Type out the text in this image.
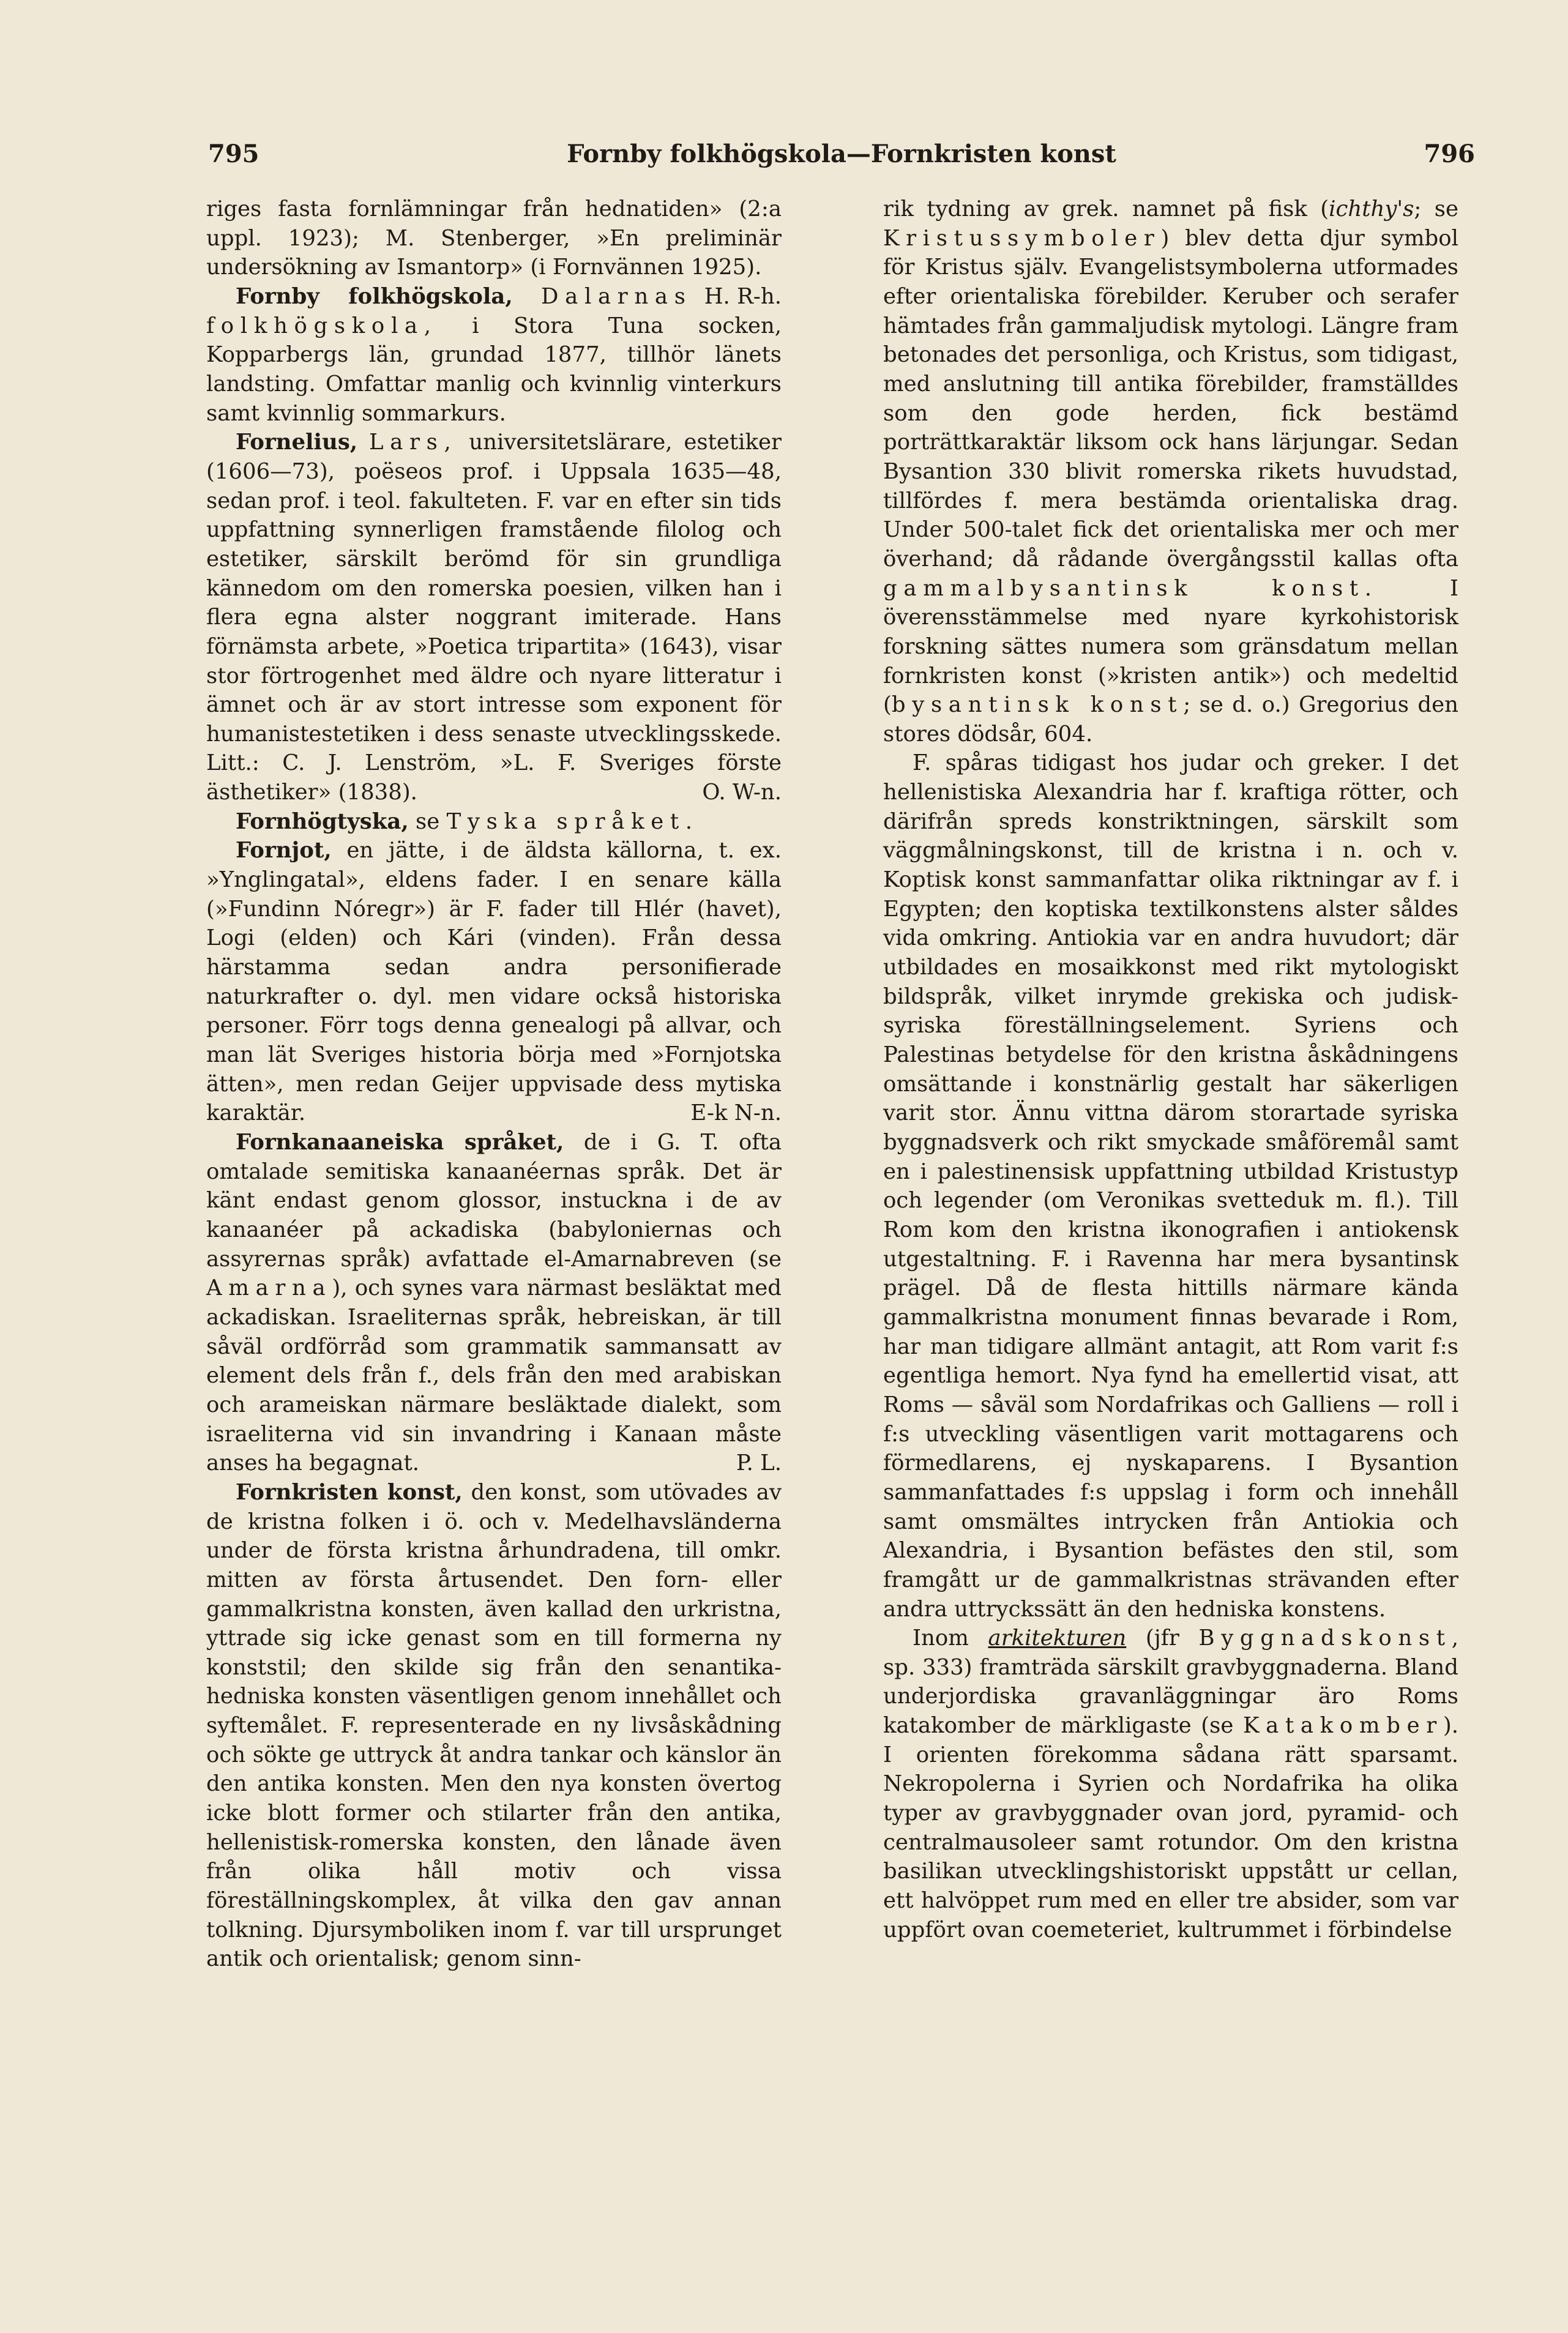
795	Fornby folkhögskola—Fornkristen konst	796

riges fasta fornlämningar från hednatiden» (2:a uppl. 1923); M. Stenberger, »En preliminär undersökning av Ismantorp» (i Fornvännen 1925).
H. R-h.

Fornby folkhögskola, Dalarnas folkhögskola, i Stora Tuna socken, Kopparbergs län, grundad 1877, tillhör länets landsting. Omfattar manlig och kvinnlig vinterkurs samt kvinnlig sommarkurs.

Fornelius, Lars, universitetslärare, estetiker (1606—73), poëseos prof. i Uppsala 1635—48, sedan prof. i teol. fakulteten. F. var en efter sin tids uppfattning synnerligen framstående filolog och estetiker, särskilt berömd för sin grundliga kännedom om den romerska poesien, vilken han i flera egna alster noggrant imiterade. Hans förnämsta arbete, »Poetica tripartita» (1643), visar stor förtrogenhet med äldre och nyare litteratur i ämnet och är av stort intresse som exponent för humanistestetiken i dess senaste utvecklingsskede. Litt.: C. J. Lenström, »L. F. Sveriges förste ästhetiker» (1838).	O. W-n.

Fornhögtyska, se Tyska språket.

Fornjot, en jätte, i de äldsta källorna, t. ex. »Ynglingatal», eldens fader. I en senare källa (»Fundinn Nóregr») är F. fader till Hlér (havet), Logi (elden) och Kári (vinden). Från dessa härstamma sedan andra personifierade naturkrafter o. dyl. men vidare också historiska personer. Förr togs denna genealogi på allvar, och man lät Sveriges historia börja med »Fornjotska ätten», men redan Geijer uppvisade dess mytiska karaktär.	E-k N-n.

Fornkanaaneiska språket, de i G. T. ofta omtalade semitiska kanaanéernas språk. Det är känt endast genom glossor, instuckna i de av kanaanéer på ackadiska (babyloniernas och assyrernas språk) avfattade el-Amarnabreven (se Amarna), och synes vara närmast besläktat med ackadiskan. Israeliternas språk, hebreiskan, är till såväl ordförråd som grammatik sammansatt av element dels från f., dels från den med arabiskan och arameiskan närmare besläktade dialekt, som israeliterna vid sin invandring i Kanaan måste anses ha begagnat.	P. L.

Fornkristen konst, den konst, som utövades av de kristna folken i ö. och v. Medelhavsländerna under de första kristna århundradena, till omkr. mitten av första årtusendet. Den forn- eller gammalkristna konsten, även kallad den urkristna, yttrade sig icke genast som en till formerna ny konststil; den skilde sig från den senantika-hedniska konsten väsentligen genom innehållet och syftemålet. F. representerade en ny livsåskådning och sökte ge uttryck åt andra tankar och känslor än den antika konsten. Men den nya konsten övertog icke blott former och stilarter från den antika, hellenistisk-romerska konsten, den lånade även från olika håll motiv och vissa föreställningskomplex, åt vilka den gav annan tolkning. Djursymboliken inom f. var till ursprunget antik och orientalisk; genom sinn-

rik tydning av grek. namnet på fisk (ichthy's; se Kristussymboler) blev detta djur symbol för Kristus själv. Evangelistsymbolerna utformades efter orientaliska förebilder. Keruber och serafer hämtades från gammaljudisk mytologi. Längre fram betonades det personliga, och Kristus, som tidigast, med anslutning till antika förebilder, framställdes som den gode herden, fick bestämd porträttkaraktär liksom ock hans lärjungar. Sedan Bysantion 330 blivit romerska rikets huvudstad, tillfördes f. mera bestämda orientaliska drag. Under 500-talet fick det orientaliska mer och mer överhand; då rådande övergångsstil kallas ofta gammalbysantinsk konst.	I överensstämmelse med nyare kyrkohistorisk forskning sättes numera som gränsdatum mellan fornkristen konst (»kristen antik») och medeltid (bysantinsk konst; se d. o.) Gregorius den stores dödsår, 604.

F. spåras tidigast hos judar och greker. I det hellenistiska Alexandria har f. kraftiga rötter, och därifrån spreds konstriktningen, särskilt som väggmålningskonst, till de kristna i n. och v. Koptisk konst sammanfattar olika riktningar av f. i Egypten; den koptiska textilkonstens alster såldes vida omkring. Antiokia var en andra huvudort; där utbildades en mosaikkonst med rikt mytologiskt bildspråk, vilket inrymde grekiska och judisk-syriska föreställningselement. Syriens och Palestinas betydelse för den kristna åskådningens omsättande i konstnärlig gestalt har säkerligen varit stor. Ännu vittna därom storartade syriska byggnadsverk och rikt smyckade småföremål samt en i palestinensisk uppfattning utbildad Kristustyp och legender (om Veronikas svetteduk m. fl.). Till Rom kom den kristna ikonografien i antiokensk utgestaltning. F. i Ravenna har mera bysantinsk prägel. Då de flesta hittills närmare kända gammalkristna monument finnas bevarade i Rom, har man tidigare allmänt antagit, att Rom varit f:s egentliga hemort. Nya fynd ha emellertid visat, att Roms — såväl som Nordafrikas och Galliens — roll i f:s utveckling väsentligen varit mottagarens och förmedlarens, ej nyskaparens. I Bysantion sammanfattades f:s uppslag i form och innehåll samt omsmältes intrycken från Antiokia och Alexandria, i Bysantion befästes den stil, som framgått ur de gammalkristnas strävanden efter andra uttryckssätt än den hedniska konstens.

Inom arkitekturen (jfr Byggnadskonst, sp. 333) framträda särskilt gravbyggnaderna. Bland underjordiska gravanläggningar äro Roms katakomber de märkligaste (se Katakomber). I orienten förekomma sådana rätt sparsamt. Nekropolerna i Syrien och Nordafrika ha olika typer av gravbyggnader ovan jord, pyramid- och centralmausoleer samt rotundor. Om den kristna basilikan utvecklingshistoriskt uppstått ur cellan, ett halvöppet rum med en eller tre absider, som var uppfört ovan coemeteriet, kultrummet i förbindelse
